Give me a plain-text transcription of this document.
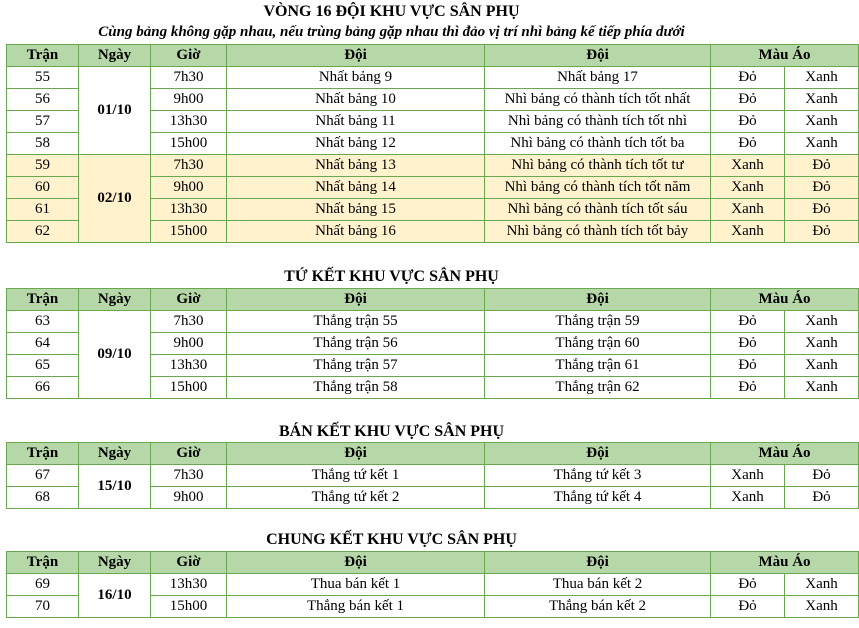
VÒNG 16 ĐỘI KHU VỰC SÂN PHỤ
Cùng bảng không gặp nhau, nếu trùng bảng gặp nhau thì đảo vị trí nhì bảng kế tiếp phía dưới
Trận	Ngày	Giờ	Đội	Đội	Màu Áo	
55	01/10	7h30	Nhất bảng 9	Nhất bảng 17	Đỏ	Xanh
56		9h00	Nhất bảng 10	Nhì bảng có thành tích tốt nhất	Đỏ	Xanh
57		13h30	Nhất bảng 11	Nhì bảng có thành tích tốt nhì	Đỏ	Xanh
58		15h00	Nhất bảng 12	Nhì bảng có thành tích tốt ba	Đỏ	Xanh
59	02/10	7h30	Nhất bảng 13	Nhì bảng có thành tích tốt tư	Xanh	Đỏ
60		9h00	Nhất bảng 14	Nhì bảng có thành tích tốt năm	Xanh	Đỏ
61		13h30	Nhất bảng 15	Nhì bảng có thành tích tốt sáu	Xanh	Đỏ
62		15h00	Nhất bảng 16	Nhì bảng có thành tích tốt bảy	Xanh	Đỏ
TỨ KẾT KHU VỰC SÂN PHỤ
Trận	Ngày	Giờ	Đội	Đội	Màu Áo	
63	09/10	7h30	Thắng trận 55	Thắng trận 59	Đỏ	Xanh
64		9h00	Thắng trận 56	Thắng trận 60	Đỏ	Xanh
65		13h30	Thắng trận 57	Thắng trận 61	Đỏ	Xanh
66		15h00	Thắng trận 58	Thắng trận 62	Đỏ	Xanh
BÁN KẾT KHU VỰC SÂN PHỤ
Trận	Ngày	Giờ	Đội	Đội	Màu Áo	
67	15/10	7h30	Thắng tứ kết 1	Thắng tứ kết 3	Xanh	Đỏ
68		9h00	Thắng tứ kết 2	Thắng tứ kết 4	Xanh	Đỏ
CHUNG KẾT KHU VỰC SÂN PHỤ
Trận	Ngày	Giờ	Đội	Đội	Màu Áo	
69	16/10	13h30	Thua bán kết 1	Thua bán kết 2	Đỏ	Xanh
70		15h00	Thắng bán kết 1	Thắng bán kết 2	Đỏ	Xanh
